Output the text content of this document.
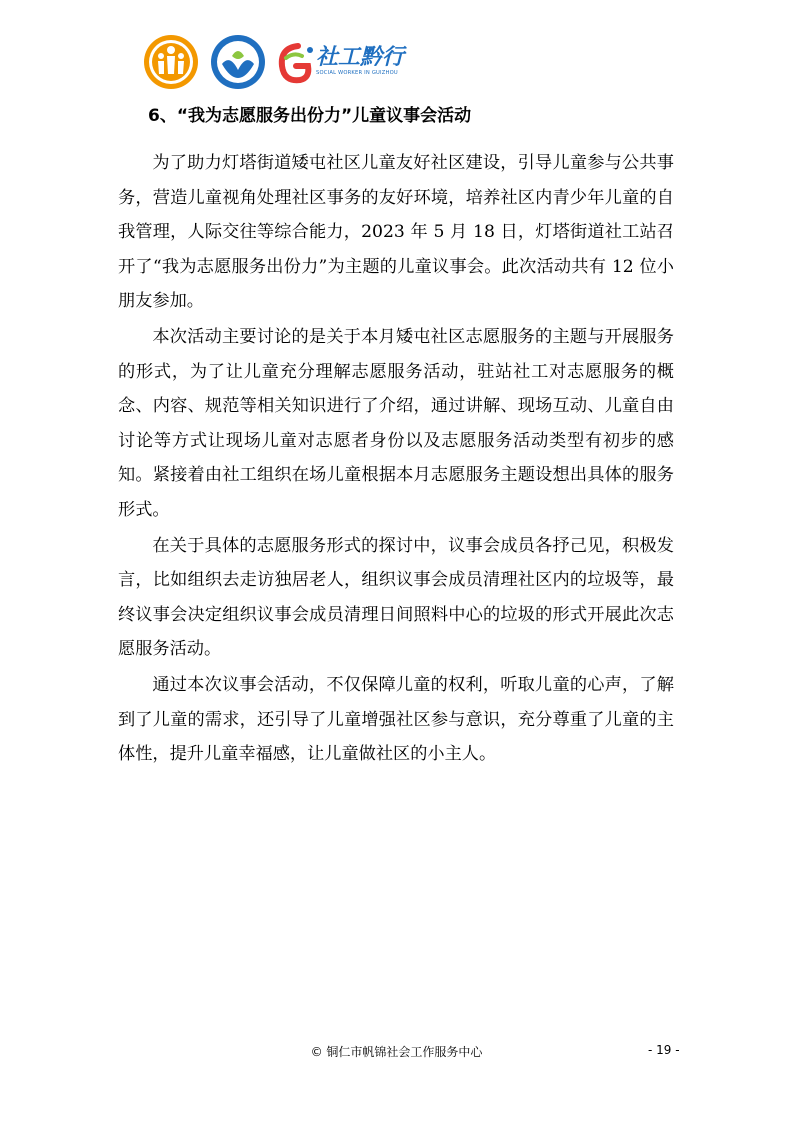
社工黔行
SOCIAL WORKER IN GUIZHOU
6、“我为志愿服务出份力”儿童议事会活动

为了助力灯塔街道矮屯社区儿童友好社区建设，引导儿童参与公共事务，营造儿童视角处理社区事务的友好环境，培养社区内青少年儿童的自我管理，人际交往等综合能力，2023 年 5 月 18 日，灯塔街道社工站召开了“我为志愿服务出份力”为主题的儿童议事会。此次活动共有 12 位小朋友参加。

本次活动主要讨论的是关于本月矮屯社区志愿服务的主题与开展服务的形式，为了让儿童充分理解志愿服务活动，驻站社工对志愿服务的概念、内容、规范等相关知识进行了介绍，通过讲解、现场互动、儿童自由讨论等方式让现场儿童对志愿者身份以及志愿服务活动类型有初步的感知。紧接着由社工组织在场儿童根据本月志愿服务主题设想出具体的服务形式。

在关于具体的志愿服务形式的探讨中，议事会成员各抒己见，积极发言，比如组织去走访独居老人，组织议事会成员清理社区内的垃圾等，最终议事会决定组织议事会成员清理日间照料中心的垃圾的形式开展此次志愿服务活动。

通过本次议事会活动，不仅保障儿童的权利，听取儿童的心声，了解到了儿童的需求，还引导了儿童增强社区参与意识，充分尊重了儿童的主体性，提升儿童幸福感，让儿童做社区的小主人。

© 铜仁市帆锦社会工作服务中心	- 19 -
